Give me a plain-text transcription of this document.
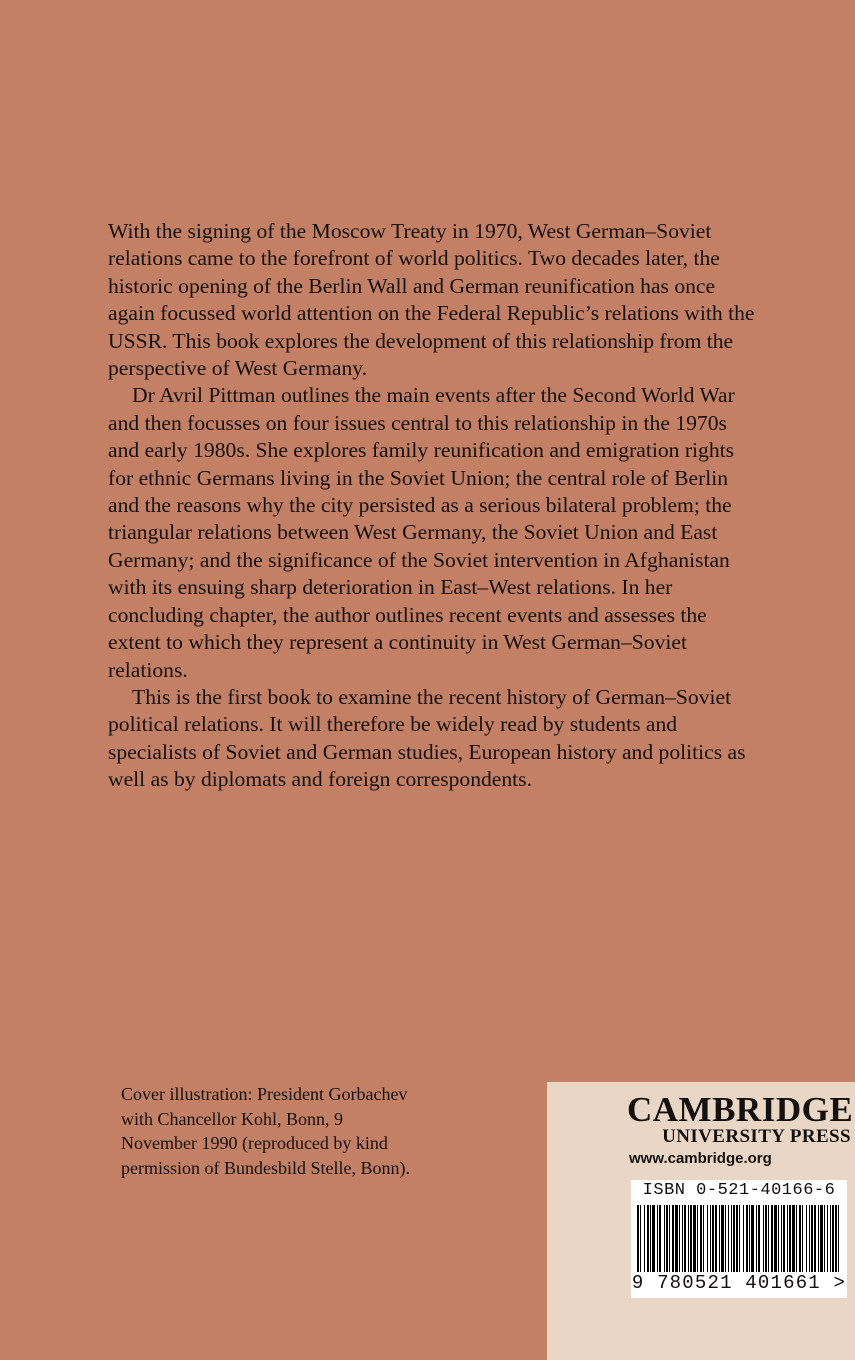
With the signing of the Moscow Treaty in 1970, West German–Soviet relations came to the forefront of world politics. Two decades later, the historic opening of the Berlin Wall and German reunification has once again focussed world attention on the Federal Republic’s relations with the USSR. This book explores the development of this relationship from the perspective of West Germany.

Dr Avril Pittman outlines the main events after the Second World War and then focusses on four issues central to this relationship in the 1970s and early 1980s. She explores family reunification and emigration rights for ethnic Germans living in the Soviet Union; the central role of Berlin and the reasons why the city persisted as a serious bilateral problem; the triangular relations between West Germany, the Soviet Union and East Germany; and the significance of the Soviet intervention in Afghanistan with its ensuing sharp deterioration in East–West relations. In her concluding chapter, the author outlines recent events and assesses the extent to which they represent a continuity in West German–Soviet relations.

This is the first book to examine the recent history of German–Soviet political relations. It will therefore be widely read by students and specialists of Soviet and German studies, European history and politics as well as by diplomats and foreign correspondents.

Cover illustration: President Gorbachev
with Chancellor Kohl, Bonn, 9
November 1990 (reproduced by kind
permission of Bundesbild Stelle, Bonn).
CAMBRIDGE
UNIVERSITY PRESS
www.cambridge.org
ISBN 0-521-40166-6
9 780521 401661 >
